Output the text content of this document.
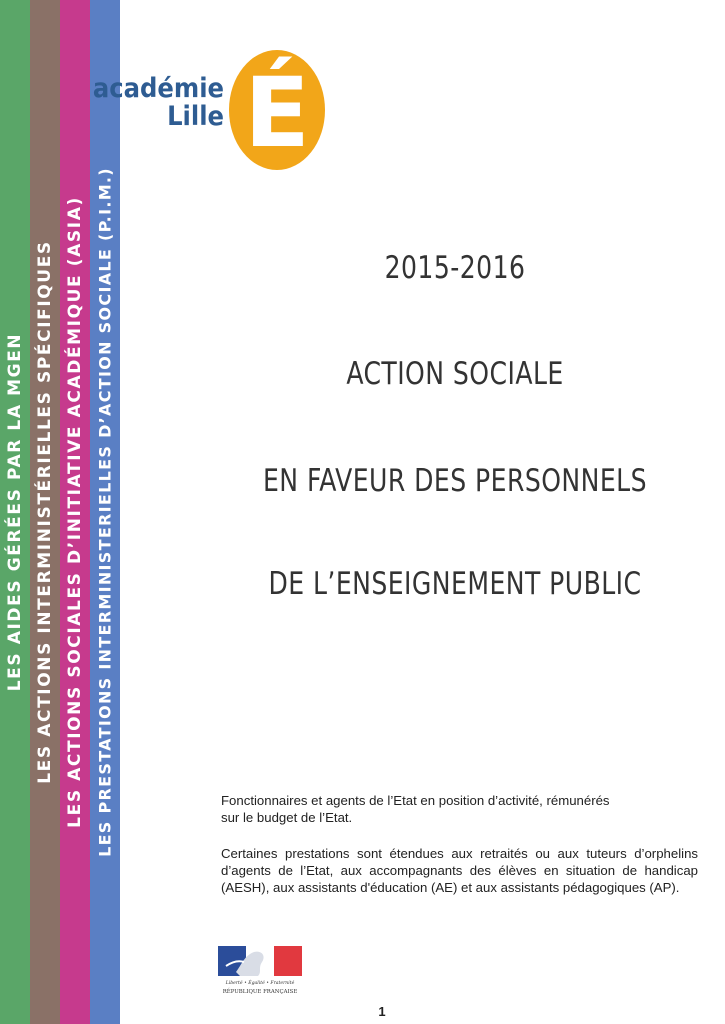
LES AIDES GÉRÉES PAR LA MGEN LES ACTIONS INTERMINISTÉRIELLES SPÉCIFIQUES LES ACTIONS SOCIALES D’INITIATIVE ACADÉMIQUE (ASIA) LES PRESTATIONS INTERMINISTERIELLES D’ACTION SOCIALE (P.I.M.)
É
académie
Lille
2015-2016
ACTION SOCIALE
EN FAVEUR DES PERSONNELS
DE L’ENSEIGNEMENT PUBLIC
Fonctionnaires et agents de l’Etat en position d’activité, rémunérés
sur le budget de l’Etat.
Certaines prestations sont étendues aux retraités ou aux tuteurs d’orphelins d’agents de l’Etat, aux accompagnants des élèves en situation de handicap (AESH), aux assistants d'éducation (AE) et aux assistants pédagogiques (AP).
Liberté • Égalité • Fraternité
RÉPUBLIQUE FRANÇAISE
1
